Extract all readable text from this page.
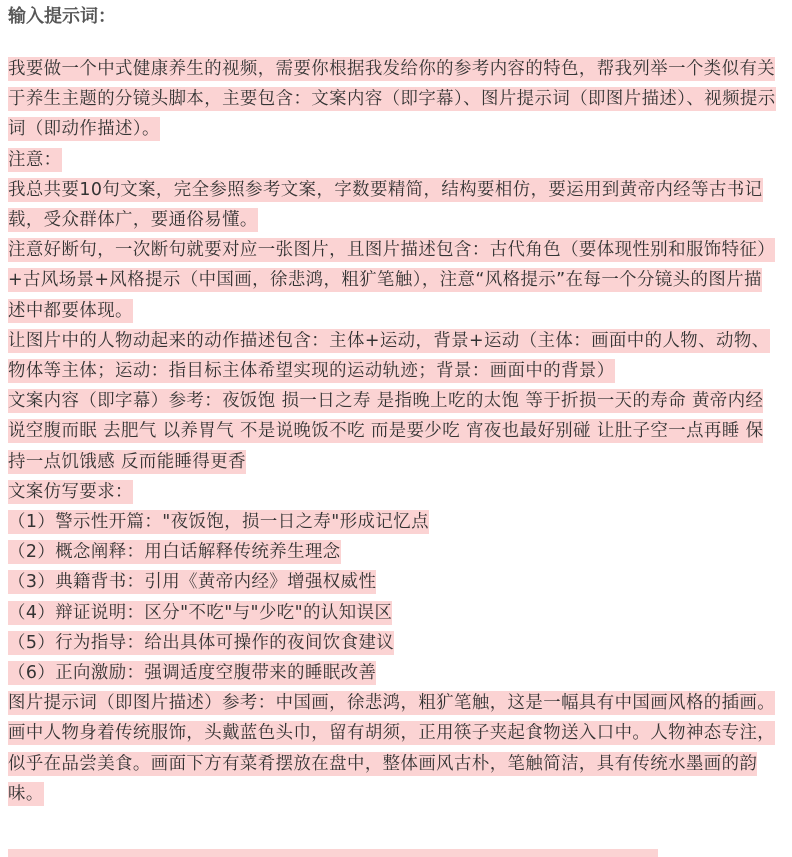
输入提示词：
我要做一个中式健康养生的视频，需要你根据我发给你的参考内容的特色，帮我列举一个类似有关于养生主题的分镜头脚本，主要包含：文案内容（即字幕）、图片提示词（即图片描述）、视频提示词（即动作描述）。
注意：
我总共要10句文案，完全参照参考文案，字数要精简，结构要相仿，要运用到黄帝内经等古书记载，受众群体广，要通俗易懂。
注意好断句，一次断句就要对应一张图片，且图片描述包含：古代角色（要体现性别和服饰特征）+古风场景+风格提示（中国画，徐悲鸿，粗犷笔触），注意“风格提示”在每一个分镜头的图片描述中都要体现。
让图片中的人物动起来的动作描述包含：主体+运动，背景+运动（主体：画面中的人物、动物、物体等主体；运动：指目标主体希望实现的运动轨迹；背景：画面中的背景）
文案内容（即字幕）参考：夜饭饱 损一日之寿 是指晚上吃的太饱 等于折损一天的寿命 黄帝内经说空腹而眠 去肥气 以养胃气 不是说晚饭不吃 而是要少吃 宵夜也最好别碰 让肚子空一点再睡 保持一点饥饿感 反而能睡得更香
文案仿写要求：
（1）警示性开篇："夜饭饱，损一日之寿"形成记忆点
（2）概念阐释：用白话解释传统养生理念
（3）典籍背书：引用《黄帝内经》增强权威性
（4）辩证说明：区分"不吃"与"少吃"的认知误区
（5）行为指导：给出具体可操作的夜间饮食建议
（6）正向激励：强调适度空腹带来的睡眠改善
图片提示词（即图片描述）参考：中国画，徐悲鸿，粗犷笔触，这是一幅具有中国画风格的插画。画中人物身着传统服饰，头戴蓝色头巾，留有胡须，正用筷子夹起食物送入口中。人物神态专注，似乎在品尝美食。画面下方有菜肴摆放在盘中，整体画风古朴，笔触简洁，具有传统水墨画的韵味。
